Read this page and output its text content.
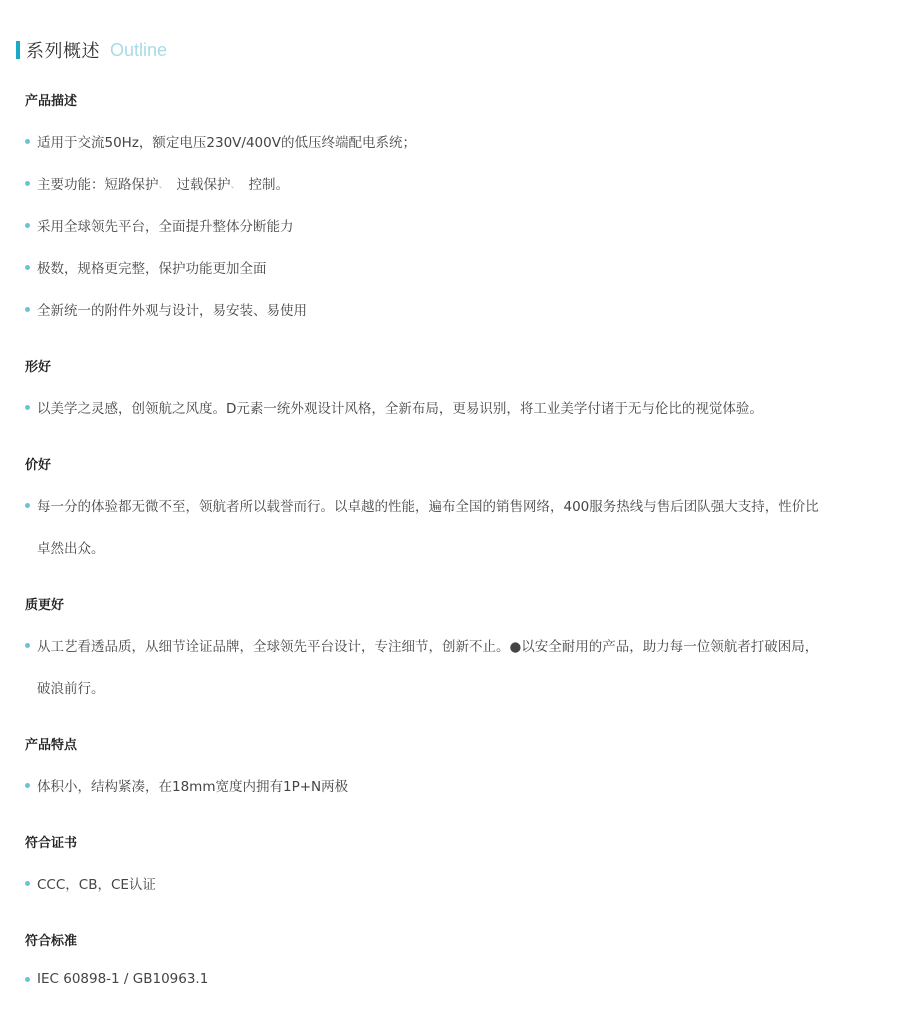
系列概述 Outline
产品描述
适用于交流50Hz，额定电压230V/400V的低压终端配电系统；
主要功能：短路保护 、 过载保护 、 控制。
采用全球领先平台，全面提升整体分断能力
极数，规格更完整，保护功能更加全面
全新统一的附件外观与设计，易安装、易使用
形好
以美学之灵感，创领航之风度。D元素一统外观设计风格，全新布局，更易识别，将工业美学付诸于无与伦比的视觉体验。
价好
每一分的体验都无微不至，领航者所以载誉而行。以卓越的性能，遍布全国的销售网络，400服务热线与售后团队强大支持，性价比
卓然出众。
质更好
从工艺看透品质，从细节诠证品牌，全球领先平台设计，专注细节，创新不止。●以安全耐用的产品，助力每一位领航者打破困局，
破浪前行。
产品特点
体积小，结构紧凑，在18mm宽度内拥有1P+N两极
符合证书
CCC，CB，CE认证
符合标准
IEC 60898-1 / GB10963.1
